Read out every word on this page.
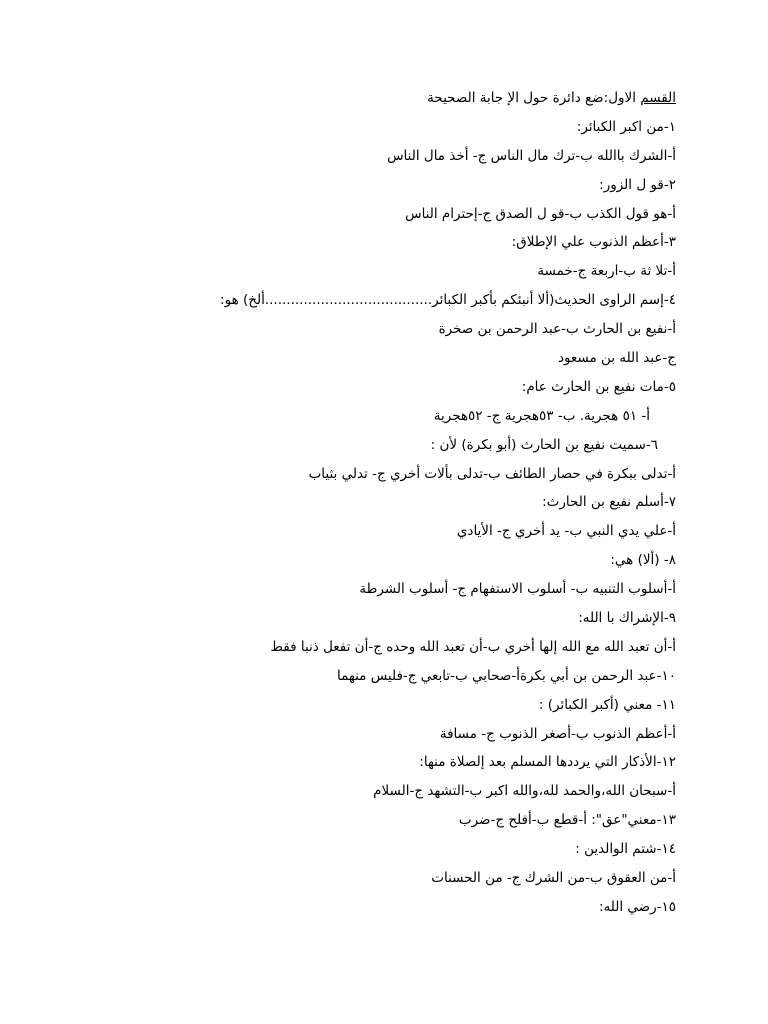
القسم الاول:ضع دائرة حول الإ جابة الصحيحة
١-من اكبر الكبائر:
أ-الشرك باالله ب-ترك مال الناس ج- أخذ مال الناس
٢-قو ل الزور:
أ-هو قول الكذب ب-قو ل الصدق ج-إحترام الناس
٣-أعظم الذنوب علي الإطلاق:
أ-تلا ثة ب-اربعة ج-خمسة
٤-إسم الراوى الحديث(ألا أنبئكم بأكبر الكبائر.......................................ألخ) هو:
أ-نفيع بن الحارث ب-عبد الرحمن بن صخرة
ج-عبد الله بن مسعود
٥-مات نفيع بن الحارث عام:
أ- ٥١ هجرية. ب- ٥٣هجرية ج- ٥٢هجرية
٦-سميت نفيع بن الحارث (أبو بكرة) لأن :
أ-تدلى ببكرة في حصار الطائف ب-تدلى بألات أخري ج- تدلي بثياب
٧-أسلم نفيع بن الحارث:
أ-علي يدي النبي ب- يد أخري ج- الأيادي
٨- (ألا) هي:
أ-أسلوب التنبيه ب- أسلوب الاستفهام ج- أسلوب الشرطة
٩-الإشراك با الله:
أ-أن تعبد الله مع الله إلها أخري ب-أن تعبد الله وحده ج-أن تفعل ذنبا فقط
١٠-عبد الرحمن بن أبي بكرةأ-صحابي ب-تابعي ج-فليس منهما
١١- معني (أكبر الكبائر) :
أ-أعظم الذنوب ب-أصغر الذنوب ج- مسافة
١٢-الأذكار التي يرددها المسلم بعد إلصلاة منها:
أ-سبحان الله،والحمد لله،والله اكبر ب-التشهد ج-السلام
١٣-معني"عق": أ-قطع ب-أفلح ج-ضرب
١٤-شتم الوالدين :
أ-من العقوق ب-من الشرك ج- من الحسنات
١٥-رضي الله:
